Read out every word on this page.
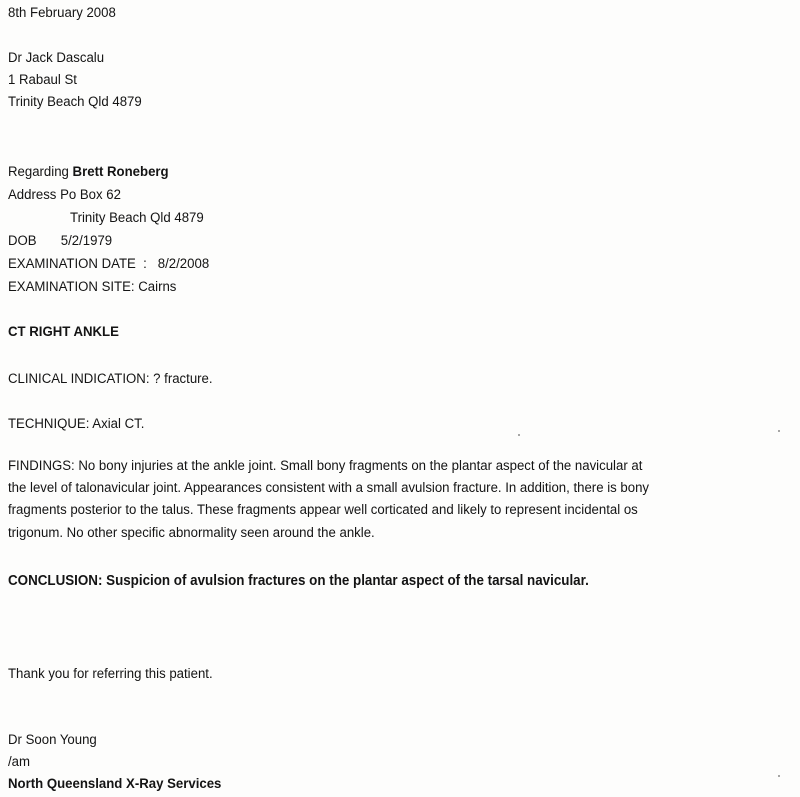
8th February 2008
Dr Jack Dascalu
1 Rabaul St
Trinity Beach Qld 4879
Regarding Brett Roneberg
Address Po Box 62
Trinity Beach Qld 4879
DOB 5/2/1979
EXAMINATION DATE  :   8/2/2008
EXAMINATION SITE: Cairns
CT RIGHT ANKLE
CLINICAL INDICATION: ? fracture.
TECHNIQUE: Axial CT.
FINDINGS: No bony injuries at the ankle joint. Small bony fragments on the plantar aspect of the navicular at
the level of talonavicular joint. Appearances consistent with a small avulsion fracture. In addition, there is bony
fragments posterior to the talus. These fragments appear well corticated and likely to represent incidental os
trigonum. No other specific abnormality seen around the ankle.
CONCLUSION: Suspicion of avulsion fractures on the plantar aspect of the tarsal navicular.
Thank you for referring this patient.
Dr Soon Young
/am
North Queensland X-Ray Services
